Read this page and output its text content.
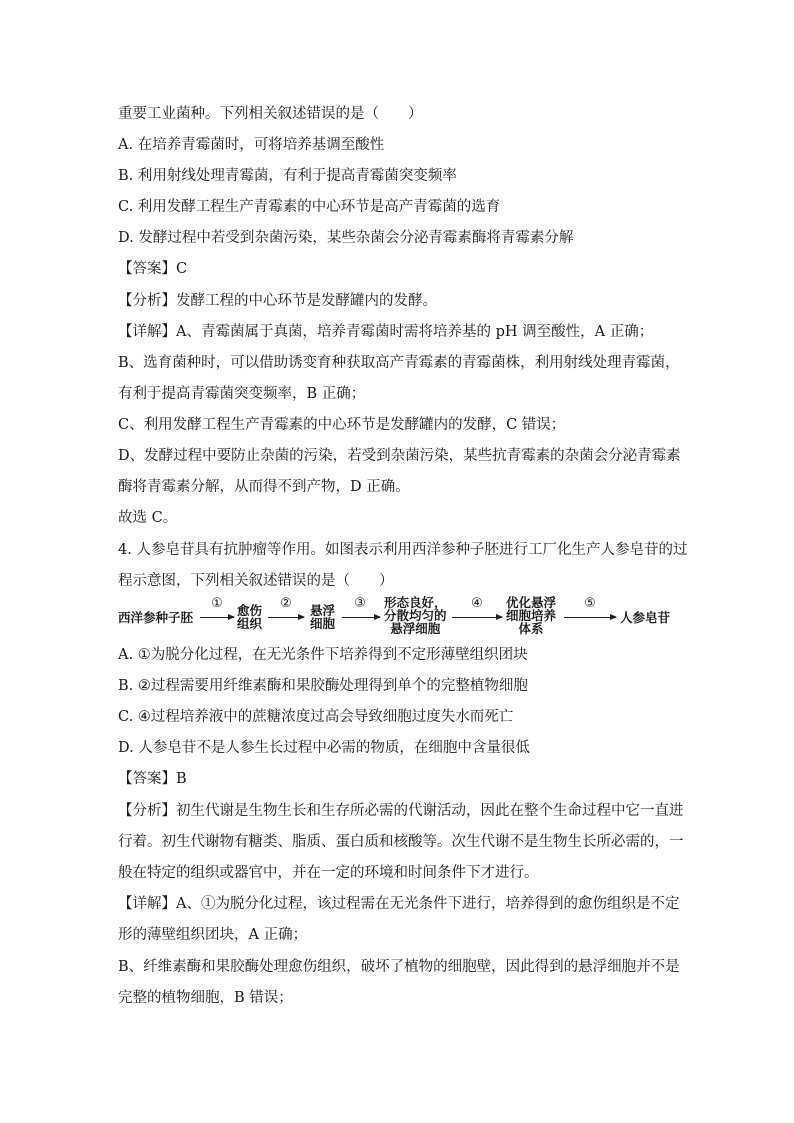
重要工业菌种。下列相关叙述错误的是（　　）
A. 在培养青霉菌时，可将培养基调至酸性
B. 利用射线处理青霉菌，有利于提高青霉菌突变频率
C. 利用发酵工程生产青霉素的中心环节是高产青霉菌的选育
D. 发酵过程中若受到杂菌污染，某些杂菌会分泌青霉素酶将青霉素分解
【答案】C
【分析】发酵工程的中心环节是发酵罐内的发酵。
【详解】A、青霉菌属于真菌，培养青霉菌时需将培养基的 pH 调至酸性，A 正确；
B、选育菌种时，可以借助诱变育种获取高产青霉素的青霉菌株，利用射线处理青霉菌，
有利于提高青霉菌突变频率，B 正确；
C、利用发酵工程生产青霉素的中心环节是发酵罐内的发酵，C 错误；
D、发酵过程中要防止杂菌的污染，若受到杂菌污染，某些抗青霉素的杂菌会分泌青霉素
酶将青霉素分解，从而得不到产物，D 正确。
故选 C。
4. 人参皂苷具有抗肿瘤等作用。如图表示利用西洋参种子胚进行工厂化生产人参皂苷的过
程示意图，下列相关叙述错误的是（　　）
西洋参种子胚
①	愈伤
组织
②	悬浮
细胞
③	形态良好，
分散均匀的
悬浮细胞
④	优化悬浮
细胞培养
体系
⑤
人参皂苷
A. ①为脱分化过程，在无光条件下培养得到不定形薄壁组织团块
B. ②过程需要用纤维素酶和果胶酶处理得到单个的完整植物细胞
C. ④过程培养液中的蔗糖浓度过高会导致细胞过度失水而死亡
D. 人参皂苷不是人参生长过程中必需的物质，在细胞中含量很低
【答案】B
【分析】初生代谢是生物生长和生存所必需的代谢活动，因此在整个生命过程中它一直进
行着。初生代谢物有糖类、脂质、蛋白质和核酸等。次生代谢不是生物生长所必需的，一
般在特定的组织或器官中，并在一定的环境和时间条件下才进行。
【详解】A、①为脱分化过程，该过程需在无光条件下进行，培养得到的愈伤组织是不定
形的薄壁组织团块，A 正确；
B、纤维素酶和果胶酶处理愈伤组织，破坏了植物的细胞壁，因此得到的悬浮细胞并不是
完整的植物细胞，B 错误；
